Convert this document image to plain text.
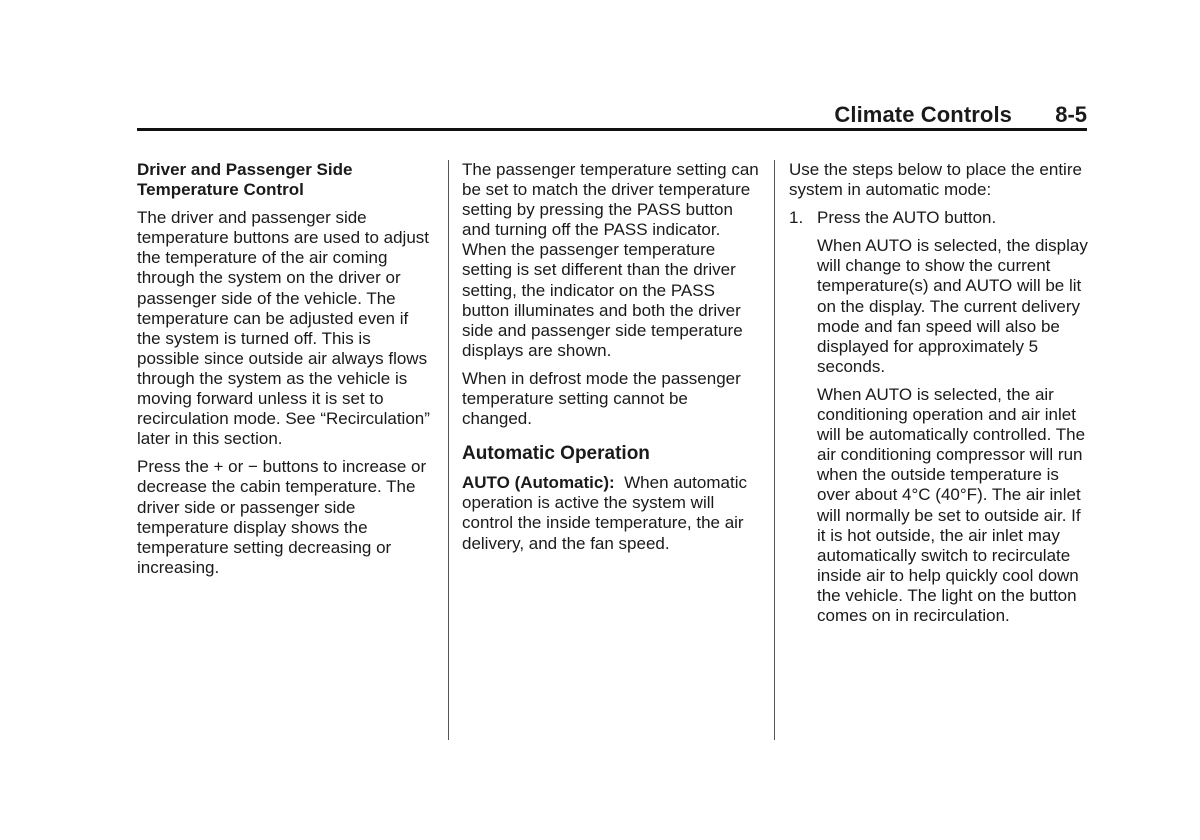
Climate Controls 8-5

Driver and Passenger Side Temperature Control

The driver and passenger side temperature buttons are used to adjust the temperature of the air coming through the system on the driver or passenger side of the vehicle. The temperature can be adjusted even if the system is turned off. This is possible since outside air always flows through the system as the vehicle is moving forward unless it is set to recirculation mode. See “Recirculation” later in this section.

Press the + or − buttons to increase or decrease the cabin temperature. The driver side or passenger side temperature display shows the temperature setting decreasing or increasing.

The passenger temperature setting can be set to match the driver temperature setting by pressing the PASS button and turning off the PASS indicator. When the passenger temperature setting is set different than the driver setting, the indicator on the PASS button illuminates and both the driver side and passenger side temperature displays are shown.

When in defrost mode the passenger temperature setting cannot be changed.

Automatic Operation

AUTO (Automatic): When automatic operation is active the system will control the inside temperature, the air delivery, and the fan speed.

Use the steps below to place the entire system in automatic mode:

1. Press the AUTO button.

When AUTO is selected, the display will change to show the current temperature(s) and AUTO will be lit on the display. The current delivery mode and fan speed will also be displayed for approximately 5 seconds.

When AUTO is selected, the air conditioning operation and air inlet will be automatically controlled. The air conditioning compressor will run when the outside temperature is over about 4°C (40°F). The air inlet will normally be set to outside air. If it is hot outside, the air inlet may automatically switch to recirculate inside air to help quickly cool down the vehicle. The light on the button comes on in recirculation.
